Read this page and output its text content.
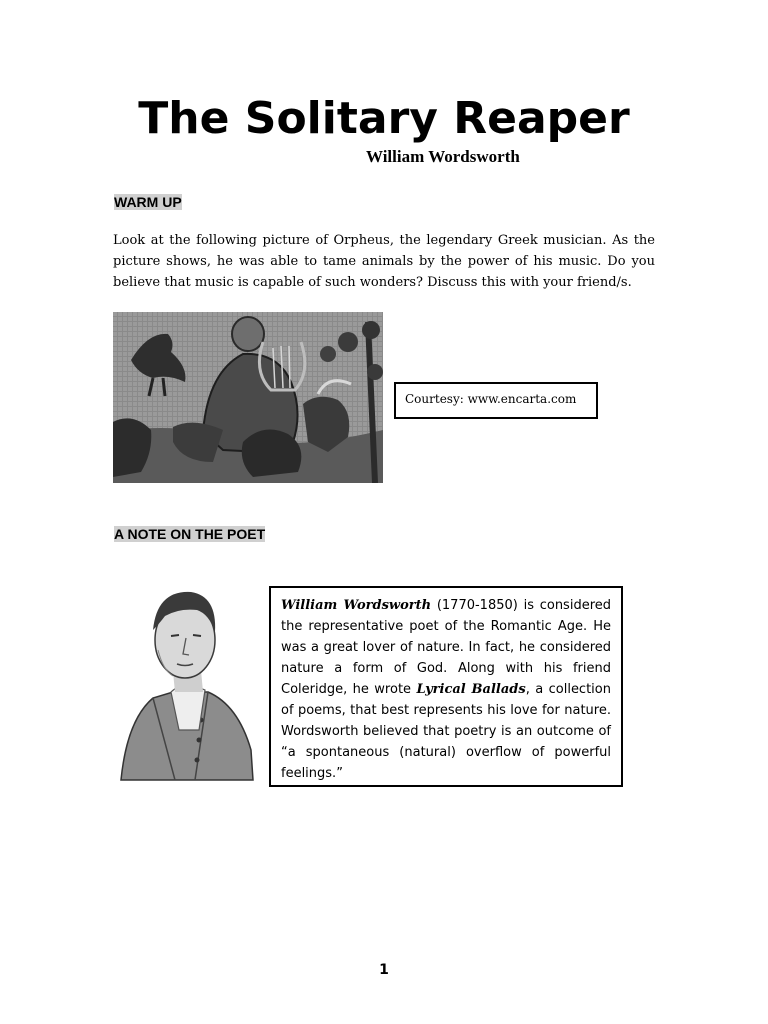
The Solitary Reaper
William Wordsworth
WARM UP

Look at the following picture of Orpheus, the legendary Greek musician. As the picture shows, he was able to tame animals by the power of his music. Do you believe that music is capable of such wonders? Discuss this with your friend/s.

Courtesy: www.encarta.com
A NOTE ON THE POET

William Wordsworth (1770-1850) is considered the representative poet of the Romantic Age. He was a great lover of nature. In fact, he considered nature a form of God. Along with his friend Coleridge, he wrote Lyrical Ballads, a collection of poems, that best represents his love for nature. Wordsworth believed that poetry is an outcome of “a spontaneous (natural) overflow of powerful feelings.”

1
